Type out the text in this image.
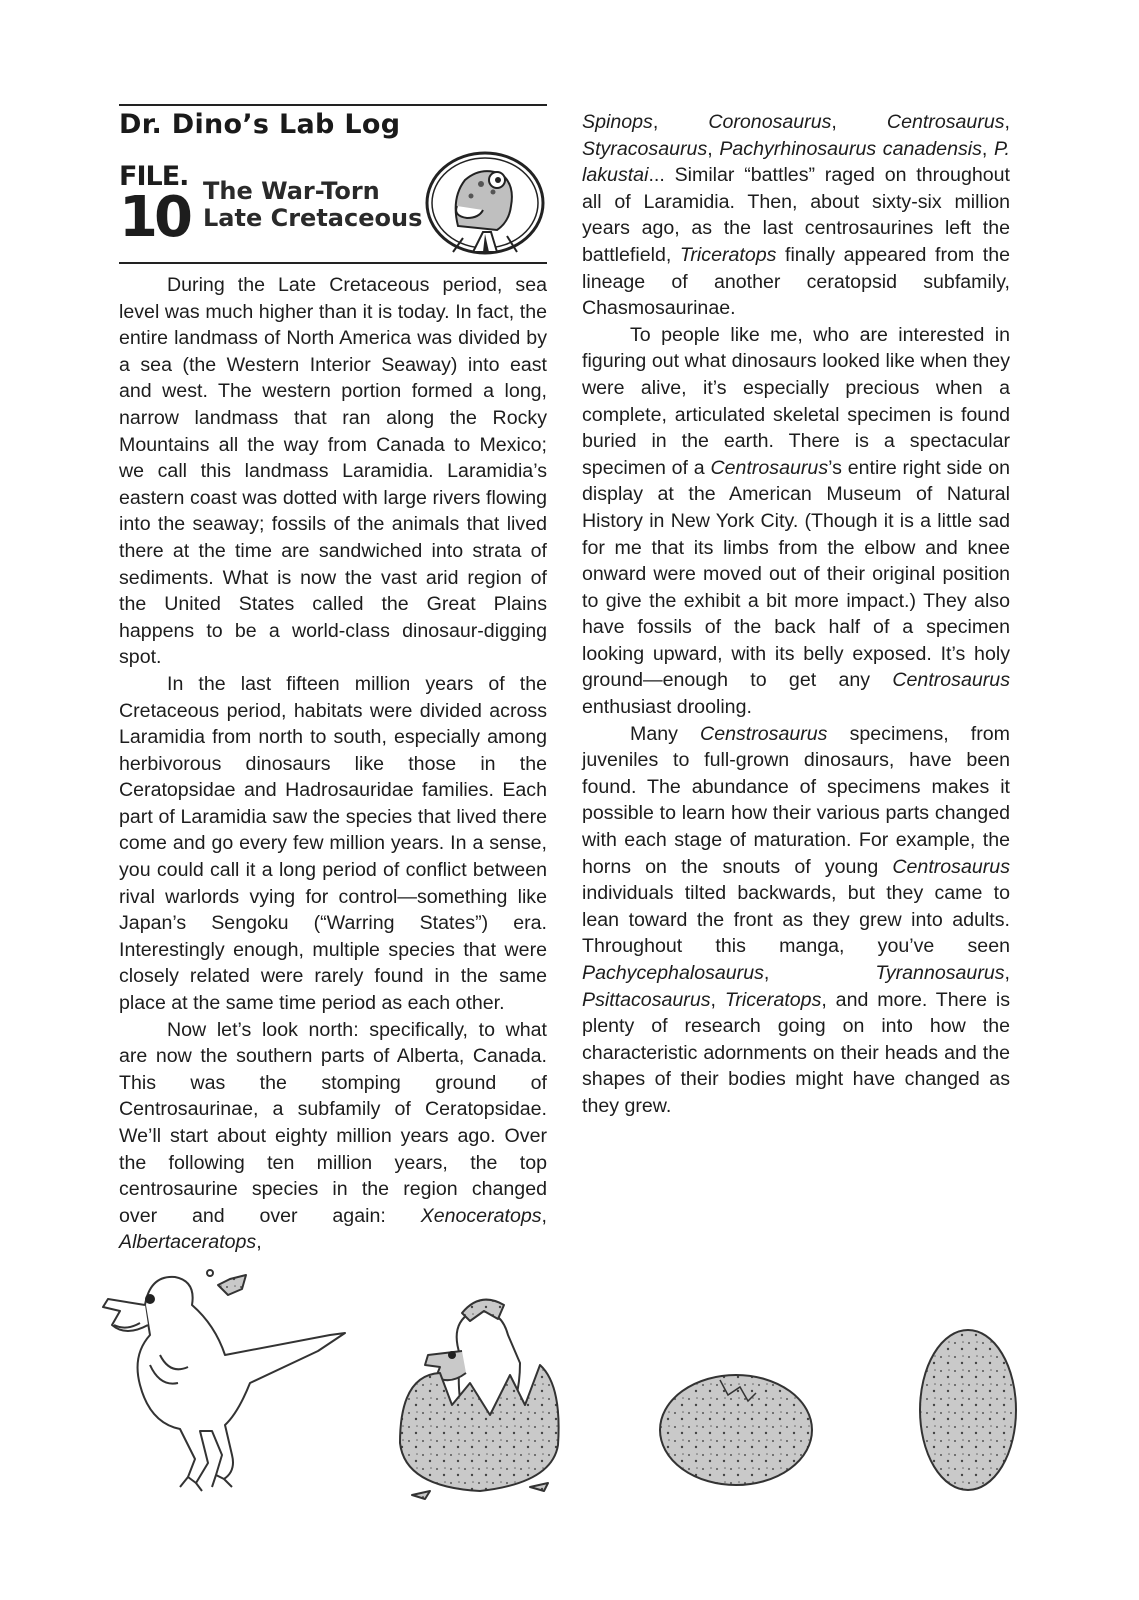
Dr. Dino’s Lab Log
FILE.
10 The War-Torn
Late Cretaceous

During the Late Cretaceous period, sea level was much higher than it is today. In fact, the entire landmass of North America was divided by a sea (the Western Interior Seaway) into east and west. The western portion formed a long, narrow landmass that ran along the Rocky Mountains all the way from Canada to Mexico; we call this landmass Laramidia. Laramidia’s eastern coast was dotted with large rivers flowing into the seaway; fossils of the animals that lived there at the time are sandwiched into strata of sediments. What is now the vast arid region of the United States called the Great Plains happens to be a world-class dinosaur-digging spot.

In the last fifteen million years of the Cretaceous period, habitats were divided across Laramidia from north to south, especially among herbivorous dinosaurs like those in the Ceratopsidae and Hadrosauridae families. Each part of Laramidia saw the species that lived there come and go every few million years. In a sense, you could call it a long period of conflict between rival warlords vying for control—something like Japan’s Sengoku (“Warring States”) era. Interestingly enough, multiple species that were closely related were rarely found in the same place at the same time period as each other.

Now let’s look north: specifically, to what are now the southern parts of Alberta, Canada. This was the stomping ground of Centrosaurinae, a subfamily of Ceratopsidae. We’ll start about eighty million years ago. Over the following ten million years, the top centrosaurine species in the region changed over and over again: Xenoceratops, Albertaceratops,

Spinops, Coronosaurus, Centrosaurus, Styracosaurus, Pachyrhinosaurus canadensis, P. lakustai... Similar “battles” raged on throughout all of Laramidia. Then, about sixty-six million years ago, as the last centrosaurines left the battlefield, Triceratops finally appeared from the lineage of another ceratopsid subfamily, Chasmosaurinae.

To people like me, who are interested in figuring out what dinosaurs looked like when they were alive, it’s especially precious when a complete, articulated skeletal specimen is found buried in the earth. There is a spectacular specimen of a Centrosaurus’s entire right side on display at the American Museum of Natural History in New York City. (Though it is a little sad for me that its limbs from the elbow and knee onward were moved out of their original position to give the exhibit a bit more impact.) They also have fossils of the back half of a specimen looking upward, with its belly exposed. It’s holy ground—enough to get any Centrosaurus enthusiast drooling.

Many Censtrosaurus specimens, from juveniles to full-grown dinosaurs, have been found. The abundance of specimens makes it possible to learn how their various parts changed with each stage of maturation. For example, the horns on the snouts of young Centrosaurus individuals tilted backwards, but they came to lean toward the front as they grew into adults. Throughout this manga, you’ve seen Pachycephalosaurus,	Tyrannosaurus, Psittacosaurus, Triceratops, and more. There is plenty of research going on into how the characteristic adornments on their heads and the shapes of their bodies might have changed as they grew.
